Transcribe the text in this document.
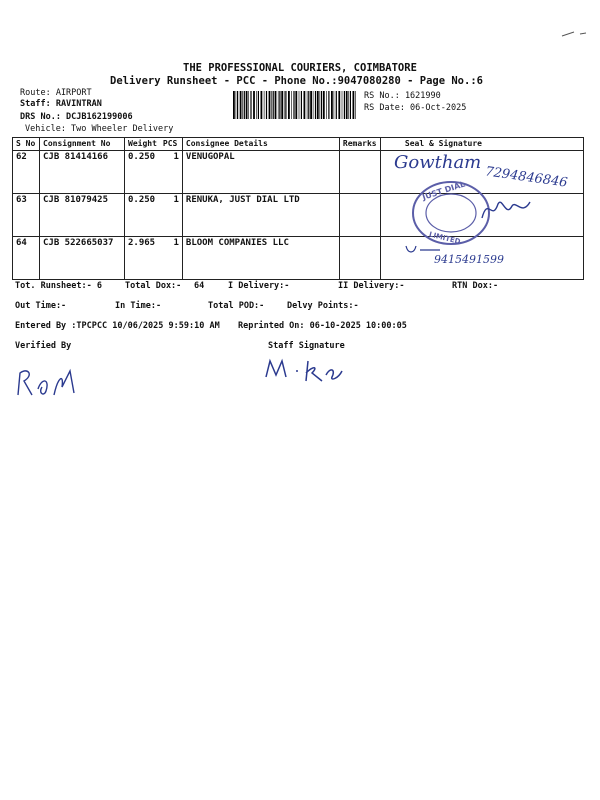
THE PROFESSIONAL COURIERS, COIMBATORE
Delivery Runsheet - PCC - Phone No.:9047080280 - Page No.:6
Route: AIRPORT
Staff: RAVINTRAN
DRS No.: DCJB162199006
Vehicle: Two Wheeler Delivery
RS No.: 1621990
RS Date: 06-Oct-2025
S No	Consignment No	Weight	PCS	Consignee Details	Remarks	Seal & Signature
62	CJB 81414166	0.250	1	VENUGOPAL		
63	CJB 81079425	0.250	1	RENUKA, JUST DIAL LTD		
64	CJB 522665037	2.965	1	BLOOM COMPANIES LLC		
JUST DIAL
LIMITED
Gowtham
7294846846
9415491599
Tot. Runsheet:- 6	Total Dox:- 64	I Delivery:-	II Delivery:-	RTN Dox:-
Out Time:-	In Time:-	Total POD:-	Delvy Points:-
Entered By :TPCPCC 10/06/2025 9:59:10 AM Reprinted On: 06-10-2025 10:00:05
Verified By	Staff Signature
